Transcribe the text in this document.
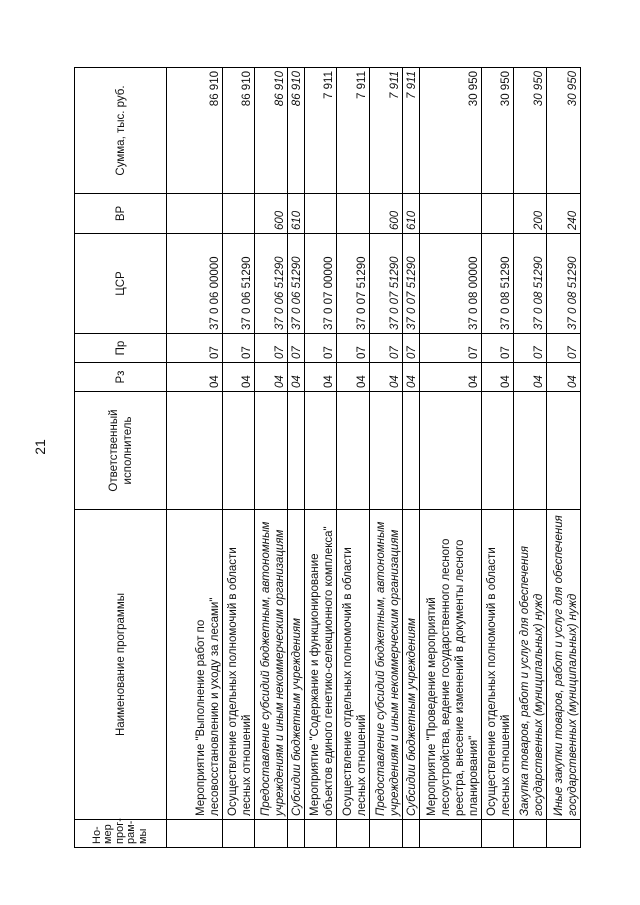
21
Но-мер прог-рам-мы	Наименование программы	Ответственный исполнитель	Рз	Пр	ЦСР	ВР	Сумма, тыс. руб.
	Мероприятие "Выполнение работ по лесовосстановлению и уходу за лесами"		04	07	37 0 06 00000		86 910
	Осуществление отдельных полномочий в области лесных отношений		04	07	37 0 06 51290		86 910
	Предоставление субсидий бюджетным, автономным учреждениям и иным некоммерческим организациям		04	07	37 0 06 51290	600	86 910
	Субсидии бюджетным учреждениям		04	07	37 0 06 51290	610	86 910
	Мероприятие "Содержание и функционирование объектов единого генетико-селекционного комплекса"		04	07	37 0 07 00000		7 911
	Осуществление отдельных полномочий в области лесных отношений		04	07	37 0 07 51290		7 911
	Предоставление субсидий бюджетным, автономным учреждениям и иным некоммерческим организациям		04	07	37 0 07 51290	600	7 911
	Субсидии бюджетным учреждениям		04	07	37 0 07 51290	610	7 911
	Мероприятие "Проведение мероприятий лесоустройства, ведение государственного лесного реестра, внесение изменений в документы лесного планирования"		04	07	37 0 08 00000		30 950
	Осуществление отдельных полномочий в области лесных отношений		04	07	37 0 08 51290		30 950
	Закупка товаров, работ и услуг для обеспечения государственных (муниципальных) нужд		04	07	37 0 08 51290	200	30 950
	Иные закупки товаров, работ и услуг для обеспечения государственных (муниципальных) нужд		04	07	37 0 08 51290	240	30 950
